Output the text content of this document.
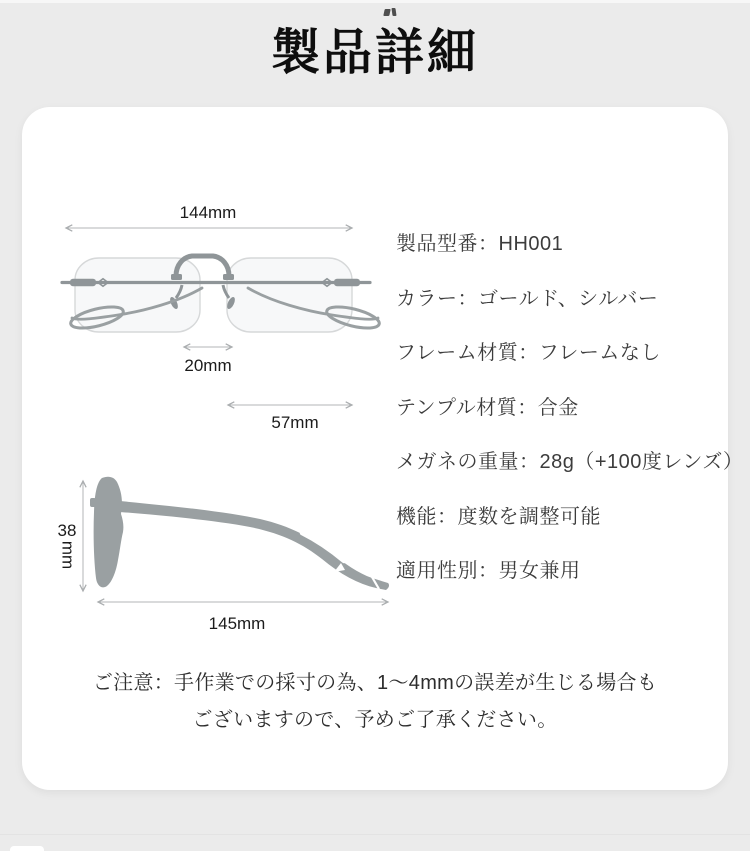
製品詳細
144mm
20mm
57mm
38
mm
145mm
製品型番：HH001
カラー：ゴールド、シルバー
フレーム材質：フレームなし
テンプル材質：合金
メガネの重量：28g（+100度レンズ）
機能：度数を調整可能
適用性別：男女兼用
ご注意：手作業での採寸の為、1〜4mmの誤差が生じる場合も
ございますので、予めご了承ください。
